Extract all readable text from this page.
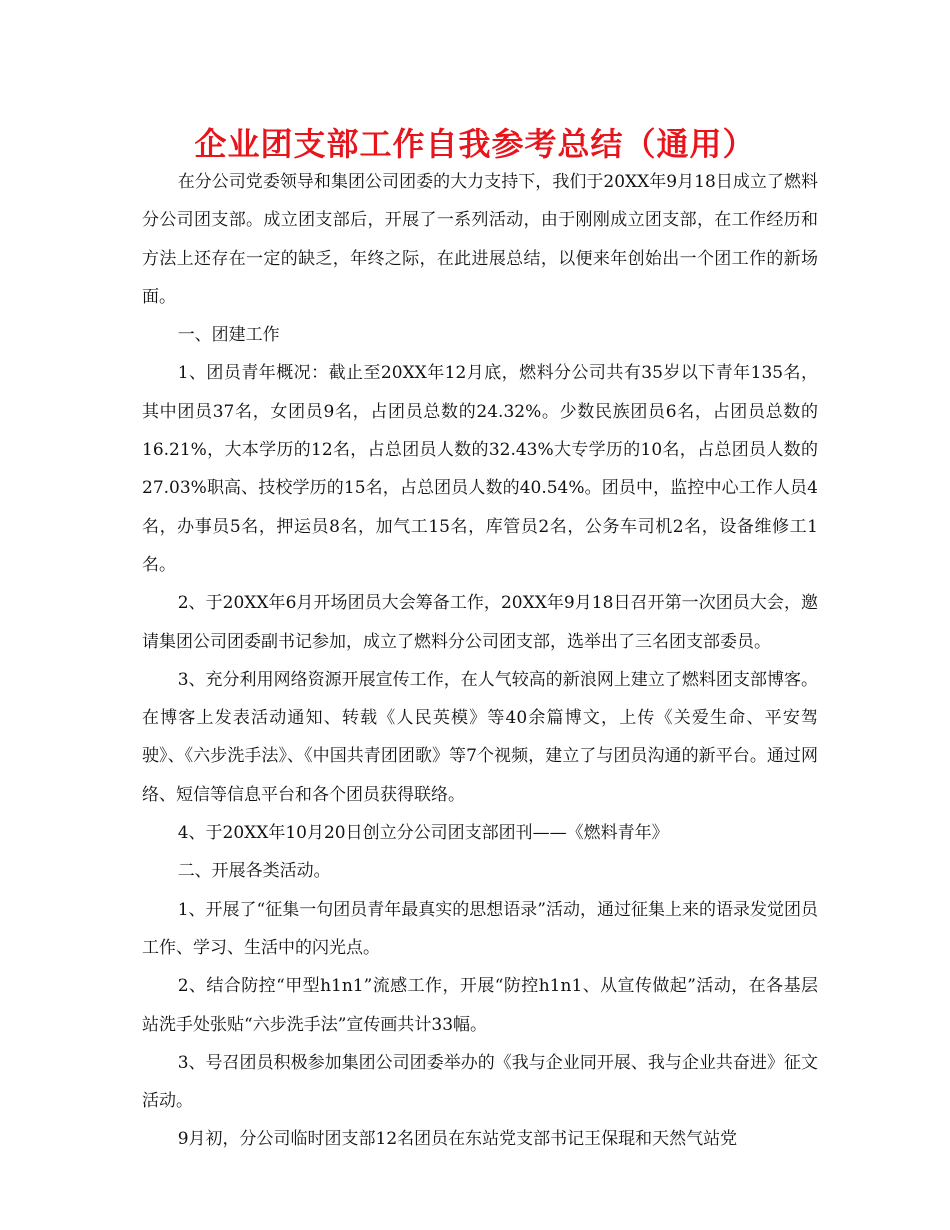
企业团支部工作自我参考总结（通用）

在分公司党委领导和集团公司团委的大力支持下，我们于20XX年9月18日成立了燃料分公司团支部。成立团支部后，开展了一系列活动，由于刚刚成立团支部，在工作经历和方法上还存在一定的缺乏，年终之际，在此进展总结，以便来年创始出一个团工作的新场面。

一、团建工作

1、团员青年概况：截止至20XX年12月底，燃料分公司共有35岁以下青年135名，其中团员37名，女团员9名，占团员总数的24.32%。少数民族团员6名，占团员总数的16.21%，大本学历的12名，占总团员人数的32.43%大专学历的10名，占总团员人数的27.03%职高、技校学历的15名，占总团员人数的40.54%。团员中，监控中心工作人员4名，办事员5名，押运员8名，加气工15名，库管员2名，公务车司机2名，设备维修工1名。

2、于20XX年6月开场团员大会筹备工作，20XX年9月18日召开第一次团员大会，邀请集团公司团委副书记参加，成立了燃料分公司团支部，选举出了三名团支部委员。

3、充分利用网络资源开展宣传工作，在人气较高的新浪网上建立了燃料团支部博客。在博客上发表活动通知、转载《人民英模》等40余篇博文，上传《关爱生命、平安驾驶》、《六步洗手法》、《中国共青团团歌》等7个视频，建立了与团员沟通的新平台。通过网络、短信等信息平台和各个团员获得联络。

4、于20XX年10月20日创立分公司团支部团刊——《燃料青年》

二、开展各类活动。

1、开展了“征集一句团员青年最真实的思想语录”活动，通过征集上来的语录发觉团员工作、学习、生活中的闪光点。

2、结合防控“甲型h1n1”流感工作，开展“防控h1n1、从宣传做起”活动，在各基层站洗手处张贴“六步洗手法”宣传画共计33幅。

3、号召团员积极参加集团公司团委举办的《我与企业同开展、我与企业共奋进》征文活动。

9月初，分公司临时团支部12名团员在东站党支部书记王保琨和天然气站党
